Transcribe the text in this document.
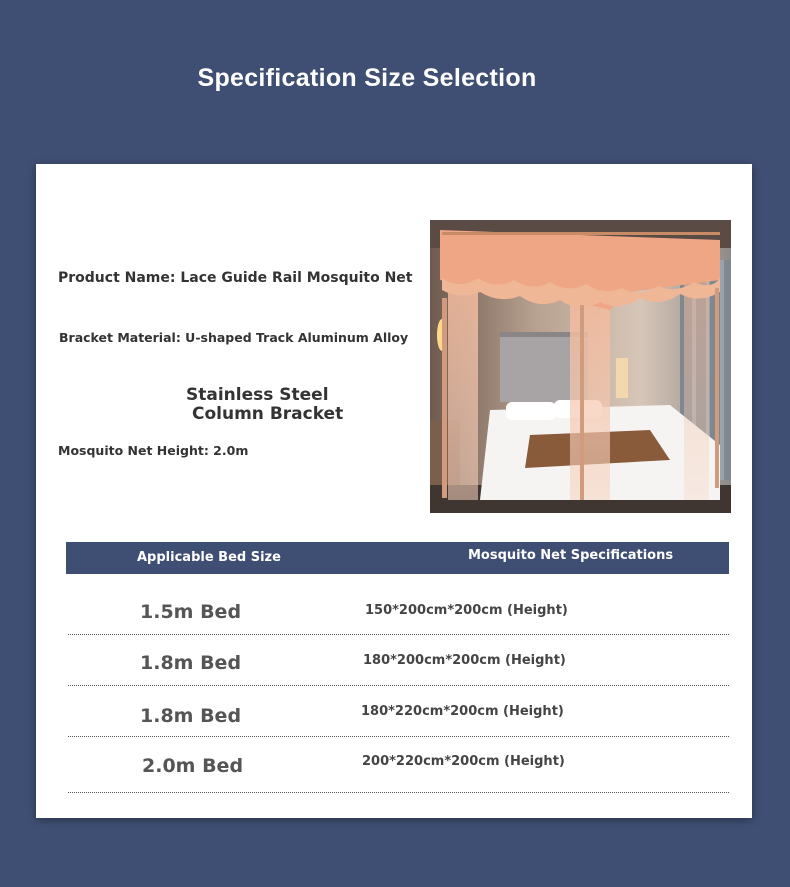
Specification Size Selection
Product Name: Lace Guide Rail Mosquito Net
Bracket Material: U-shaped Track Aluminum Alloy
Stainless Steel
Column Bracket
Mosquito Net Height: 2.0m
Applicable Bed Size	Mosquito Net Specifications
1.5m Bed	150*200cm*200cm (Height)
1.8m Bed	180*200cm*200cm (Height)
1.8m Bed	180*220cm*200cm (Height)
2.0m Bed	200*220cm*200cm (Height)
